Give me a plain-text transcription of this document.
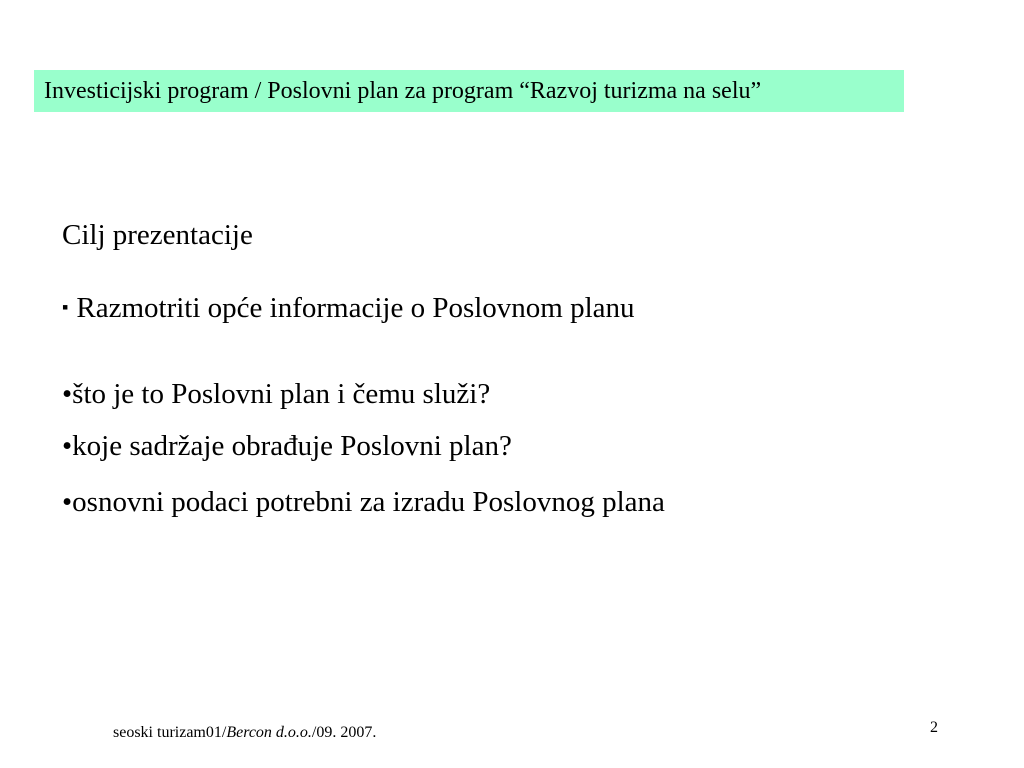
Investicijski program / Poslovni plan za program “Razvoj turizma na selu”
Cilj prezentacije
▪ Razmotriti opće informacije o Poslovnom planu
•što je to Poslovni plan i čemu služi?
•koje sadržaje obrađuje Poslovni plan?
•osnovni podaci potrebni za izradu Poslovnog plana
seoski turizam01/Bercon d.o.o./09. 2007.	2
